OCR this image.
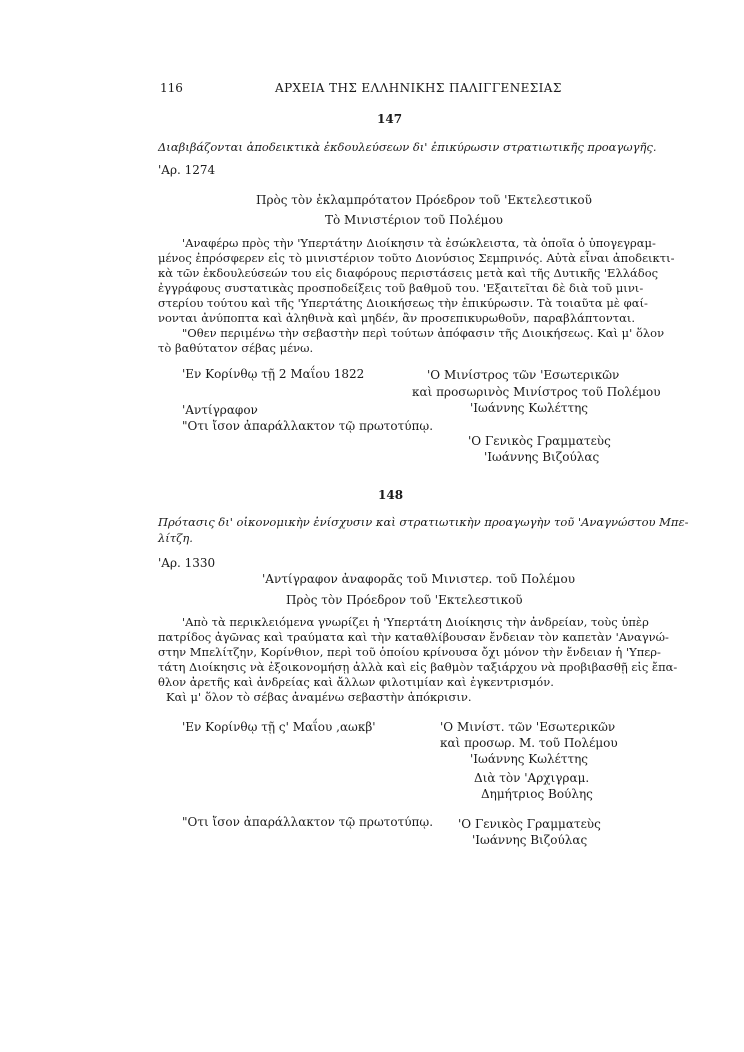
116	ΑΡΧΕΙΑ ΤΗΣ ΕΛΛΗΝΙΚΗΣ ΠΑΛΙΓΓΕΝΕΣΙΑΣ
147
Διαβιβάζονται ἀποδεικτικὰ ἐκδουλεύσεων δι' ἐπικύρωσιν στρατιωτικῆς προαγωγῆς.
'Αρ. 1274
Πρὸς τὸν ἐκλαμπρότατον Πρόεδρον τοῦ 'Εκτελεστικοῦ
Τὸ Μινιστέριον τοῦ Πολέμου
'Αναφέρω πρὸς τὴν 'Υπερτάτην Διοίκησιν τὰ ἐσώκλειστα, τὰ ὁποῖα ὁ ὑπογεγραμ-
μένος ἐπρόσφερεν εἰς τὸ μινιστέριον τοῦτο Διονύσιος Σεμπρινός. Αὐτὰ εἶναι ἀποδεικτι-
κὰ τῶν ἐκδουλεύσεών του εἰς διαφόρους περιστάσεις μετὰ καὶ τῆς Δυτικῆς 'Ελλάδος
ἐγγράφους συστατικὰς προσποδείξεις τοῦ βαθμοῦ του. 'Εξαιτεῖται δὲ διὰ τοῦ μινι-
στερίου τούτου καὶ τῆς 'Υπερτάτης Διοικήσεως τὴν ἐπικύρωσιν. Τὰ τοιαῦτα μὲ φαί-
νονται ἀνύποπτα καὶ ἀληθινὰ καὶ μηδέν, ἂν προσεπικυρωθοῦν, παραβλάπτονται.
"Οθεν περιμένω τὴν σεβαστὴν περὶ τούτων ἀπόφασιν τῆς Διοικήσεως. Καὶ μ' ὅλον
τὸ βαθύτατον σέβας μένω.
'Εν Κορίνθῳ τῇ 2 Μαΐου 1822
'Αντίγραφον
"Οτι ἴσον ἀπαράλλακτον τῷ πρωτοτύπῳ.
'Ο Μινίστρος τῶν 'Εσωτερικῶν
καὶ προσωρινὸς Μινίστρος τοῦ Πολέμου
'Ιωάννης Κωλέττης
'Ο Γενικὸς Γραμματεὺς
'Ιωάννης Βιζούλας
148
Πρότασις δι' οἰκονομικὴν ἐνίσχυσιν καὶ στρατιωτικὴν προαγωγὴν τοῦ 'Αναγνώστου Μπε-
λίτζη.
'Αρ. 1330
'Αντίγραφον ἀναφορᾶς τοῦ Μινιστερ. τοῦ Πολέμου
Πρὸς τὸν Πρόεδρον τοῦ 'Εκτελεστικοῦ
'Απὸ τὰ περικλειόμενα γνωρίζει ἡ 'Υπερτάτη Διοίκησις τὴν ἀνδρείαν, τοὺς ὑπὲρ
πατρίδος ἀγῶνας καὶ τραύματα καὶ τὴν καταθλίβουσαν ἔνδειαν τὸν καπετὰν 'Αναγνώ-
στην Μπελίτζην, Κορίνθιον, περὶ τοῦ ὁποίου κρίνουσα ὄχι μόνον τὴν ἔνδειαν ἡ 'Υπερ-
τάτη Διοίκησις νὰ ἐξοικονομήσῃ ἀλλὰ καὶ εἰς βαθμὸν ταξιάρχου νὰ προβιβασθῇ εἰς ἔπα-
θλον ἀρετῆς καὶ ἀνδρείας καὶ ἄλλων φιλοτιμίαν καὶ ἐγκεντρισμόν.
Καὶ μ' ὅλον τὸ σέβας ἀναμένω σεβαστὴν ἀπόκρισιν.
'Εν Κορίνθῳ τῇ ς' Μαΐου ,αωκβ'	'Ο Μινίστ. τῶν 'Εσωτερικῶν
καὶ προσωρ. Μ. τοῦ Πολέμου
'Ιωάννης Κωλέττης
Διὰ τὸν 'Αρχιγραμ.
Δημήτριος Βούλης
"Οτι ἴσον ἀπαράλλακτον τῷ πρωτοτύπῳ. 'Ο Γενικὸς Γραμματεὺς
'Ιωάννης Βιζούλας
